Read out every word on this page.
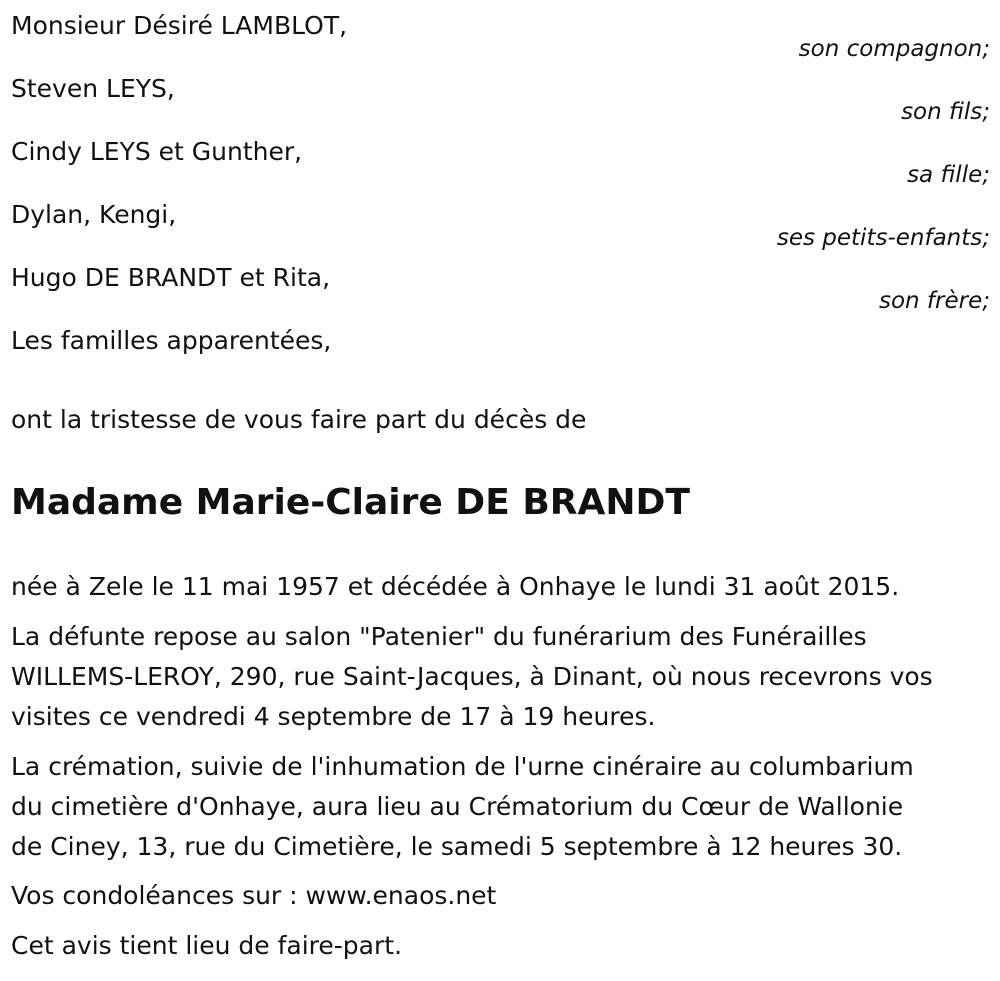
Monsieur Désiré LAMBLOT,
son compagnon;
Steven LEYS,
son fils;
Cindy LEYS et Gunther,
sa fille;
Dylan, Kengi,
ses petits-enfants;
Hugo DE BRANDT et Rita,
son frère;
Les familles apparentées,
ont la tristesse de vous faire part du décès de
Madame Marie-Claire DE BRANDT
née à Zele le 11 mai 1957 et décédée à Onhaye le lundi 31 août 2015.
La défunte repose au salon "Patenier" du funérarium des Funérailles
WILLEMS-LEROY, 290, rue Saint-Jacques, à Dinant, où nous recevrons vos
visites ce vendredi 4 septembre de 17 à 19 heures.
La crémation, suivie de l'inhumation de l'urne cinéraire au columbarium
du cimetière d'Onhaye, aura lieu au Crématorium du Cœur de Wallonie
de Ciney, 13, rue du Cimetière, le samedi 5 septembre à 12 heures 30.
Vos condoléances sur : www.enaos.net
Cet avis tient lieu de faire-part.
